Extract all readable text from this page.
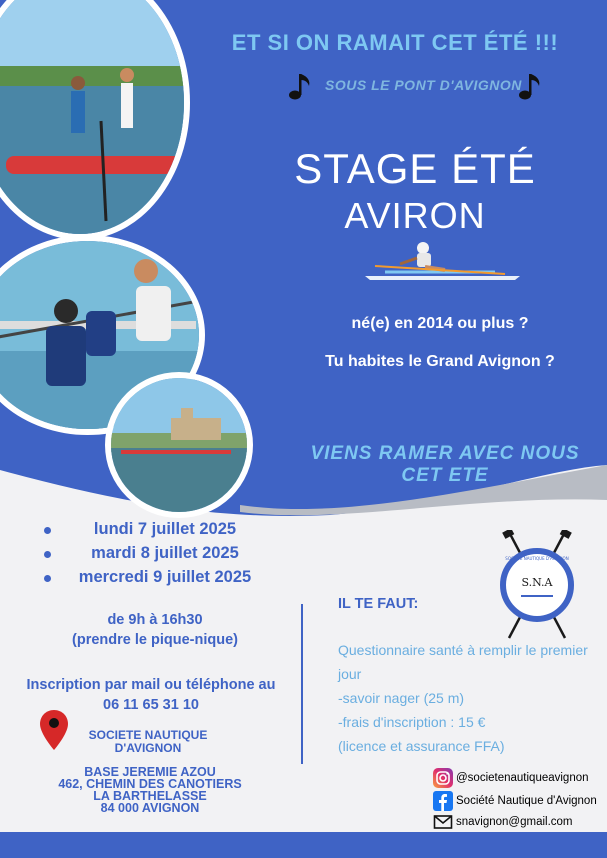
ET SI ON RAMAIT CET ÉTÉ !!!
SOUS LE PONT D'AVIGNON
STAGE ÉTÉ
AVIRON
né(e) en 2014 ou plus ?
Tu habites le Grand Avignon ?
VIENS RAMER AVEC NOUS CET ETE
lundi 7 juillet 2025
mardi 8 juillet 2025
mercredi 9 juillet 2025
de 9h à 16h30
(prendre le pique-nique)
Inscription par mail ou téléphone au
06 11 65 31 10
IL TE FAUT:
Questionnaire santé à remplir le premier jour
-savoir nager (25 m)
-frais d'inscription : 15 €
(licence et assurance FFA)
SOCIETE NAUTIQUE
D'AVIGNON
BASE JEREMIE AZOU
462, CHEMIN DES CANOTIERS
LA BARTHELASSE
84 000 AVIGNON
S.N.A
SOCIETE NAUTIQUE D'AVIGNON
@societenautiqueavignon
Société Nautique d'Avignon
snavignon@gmail.com
